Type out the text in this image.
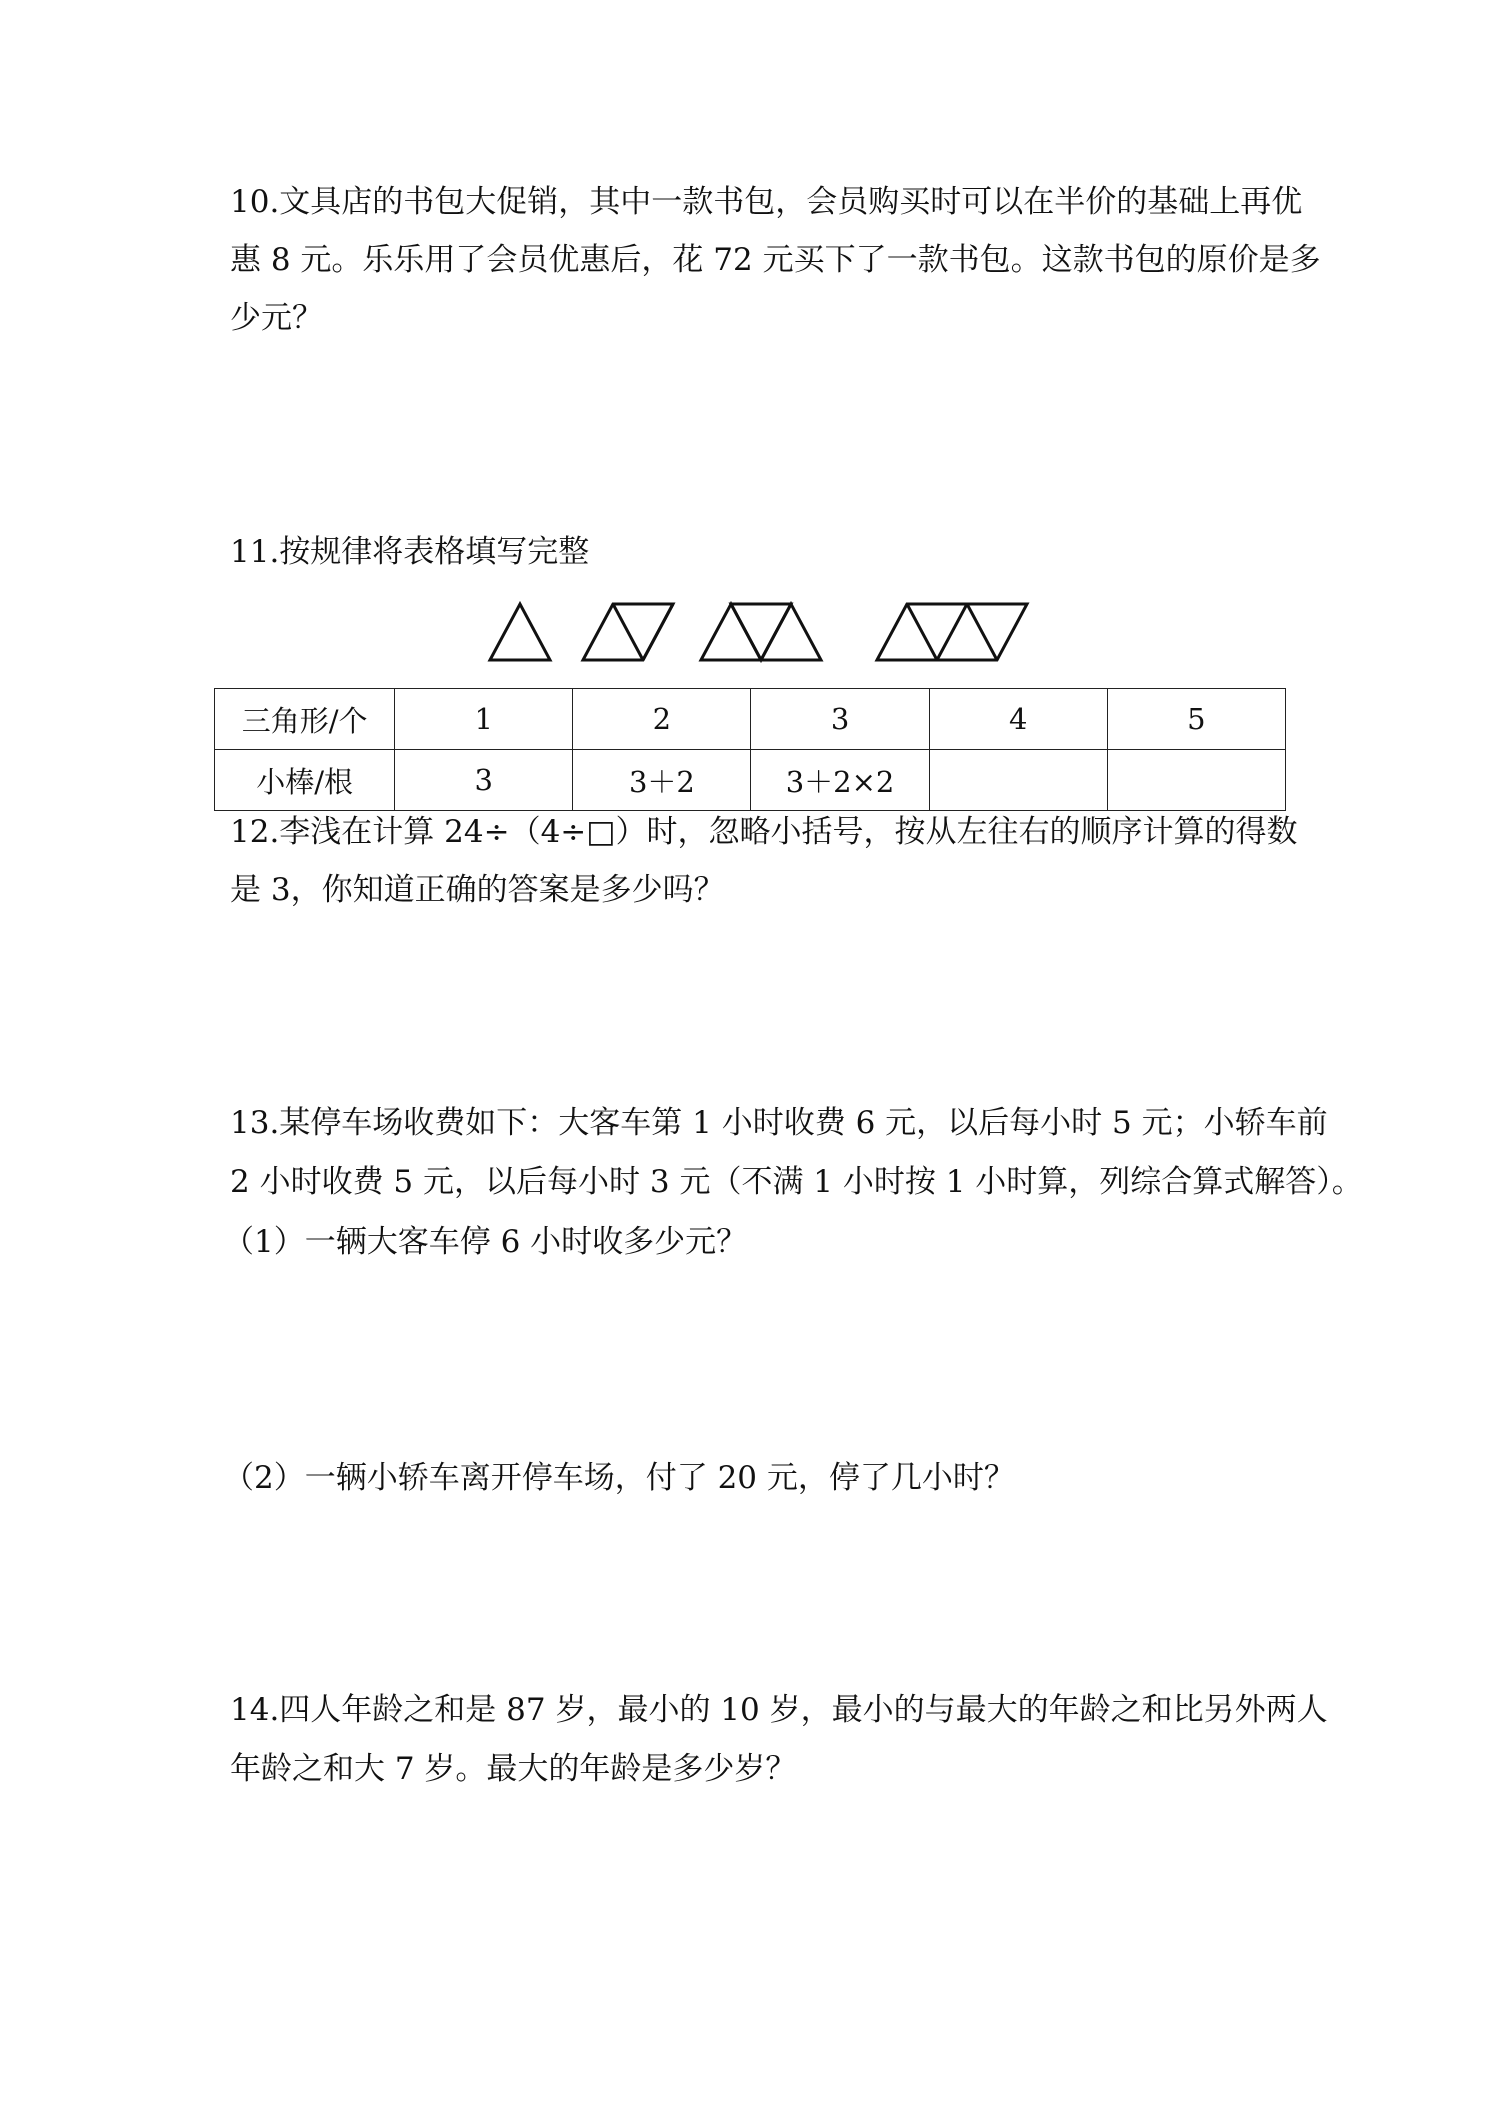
10.文具店的书包大促销，其中一款书包，会员购买时可以在半价的基础上再优
惠 8 元。乐乐用了会员优惠后，花 72 元买下了一款书包。这款书包的原价是多
少元？
11.按规律将表格填写完整
三角形/个	1	2	3	4	5
小棒/根	3	3＋2	3＋2×2		
12.李浅在计算 24÷（4÷□）时，忽略小括号，按从左往右的顺序计算的得数
是 3，你知道正确的答案是多少吗？
13.某停车场收费如下：大客车第 1 小时收费 6 元，以后每小时 5 元；小轿车前
2 小时收费 5 元，以后每小时 3 元（不满 1 小时按 1 小时算，列综合算式解答）。
（1）一辆大客车停 6 小时收多少元？
（2）一辆小轿车离开停车场，付了 20 元，停了几小时？
14.四人年龄之和是 87 岁，最小的 10 岁，最小的与最大的年龄之和比另外两人
年龄之和大 7 岁。最大的年龄是多少岁？
